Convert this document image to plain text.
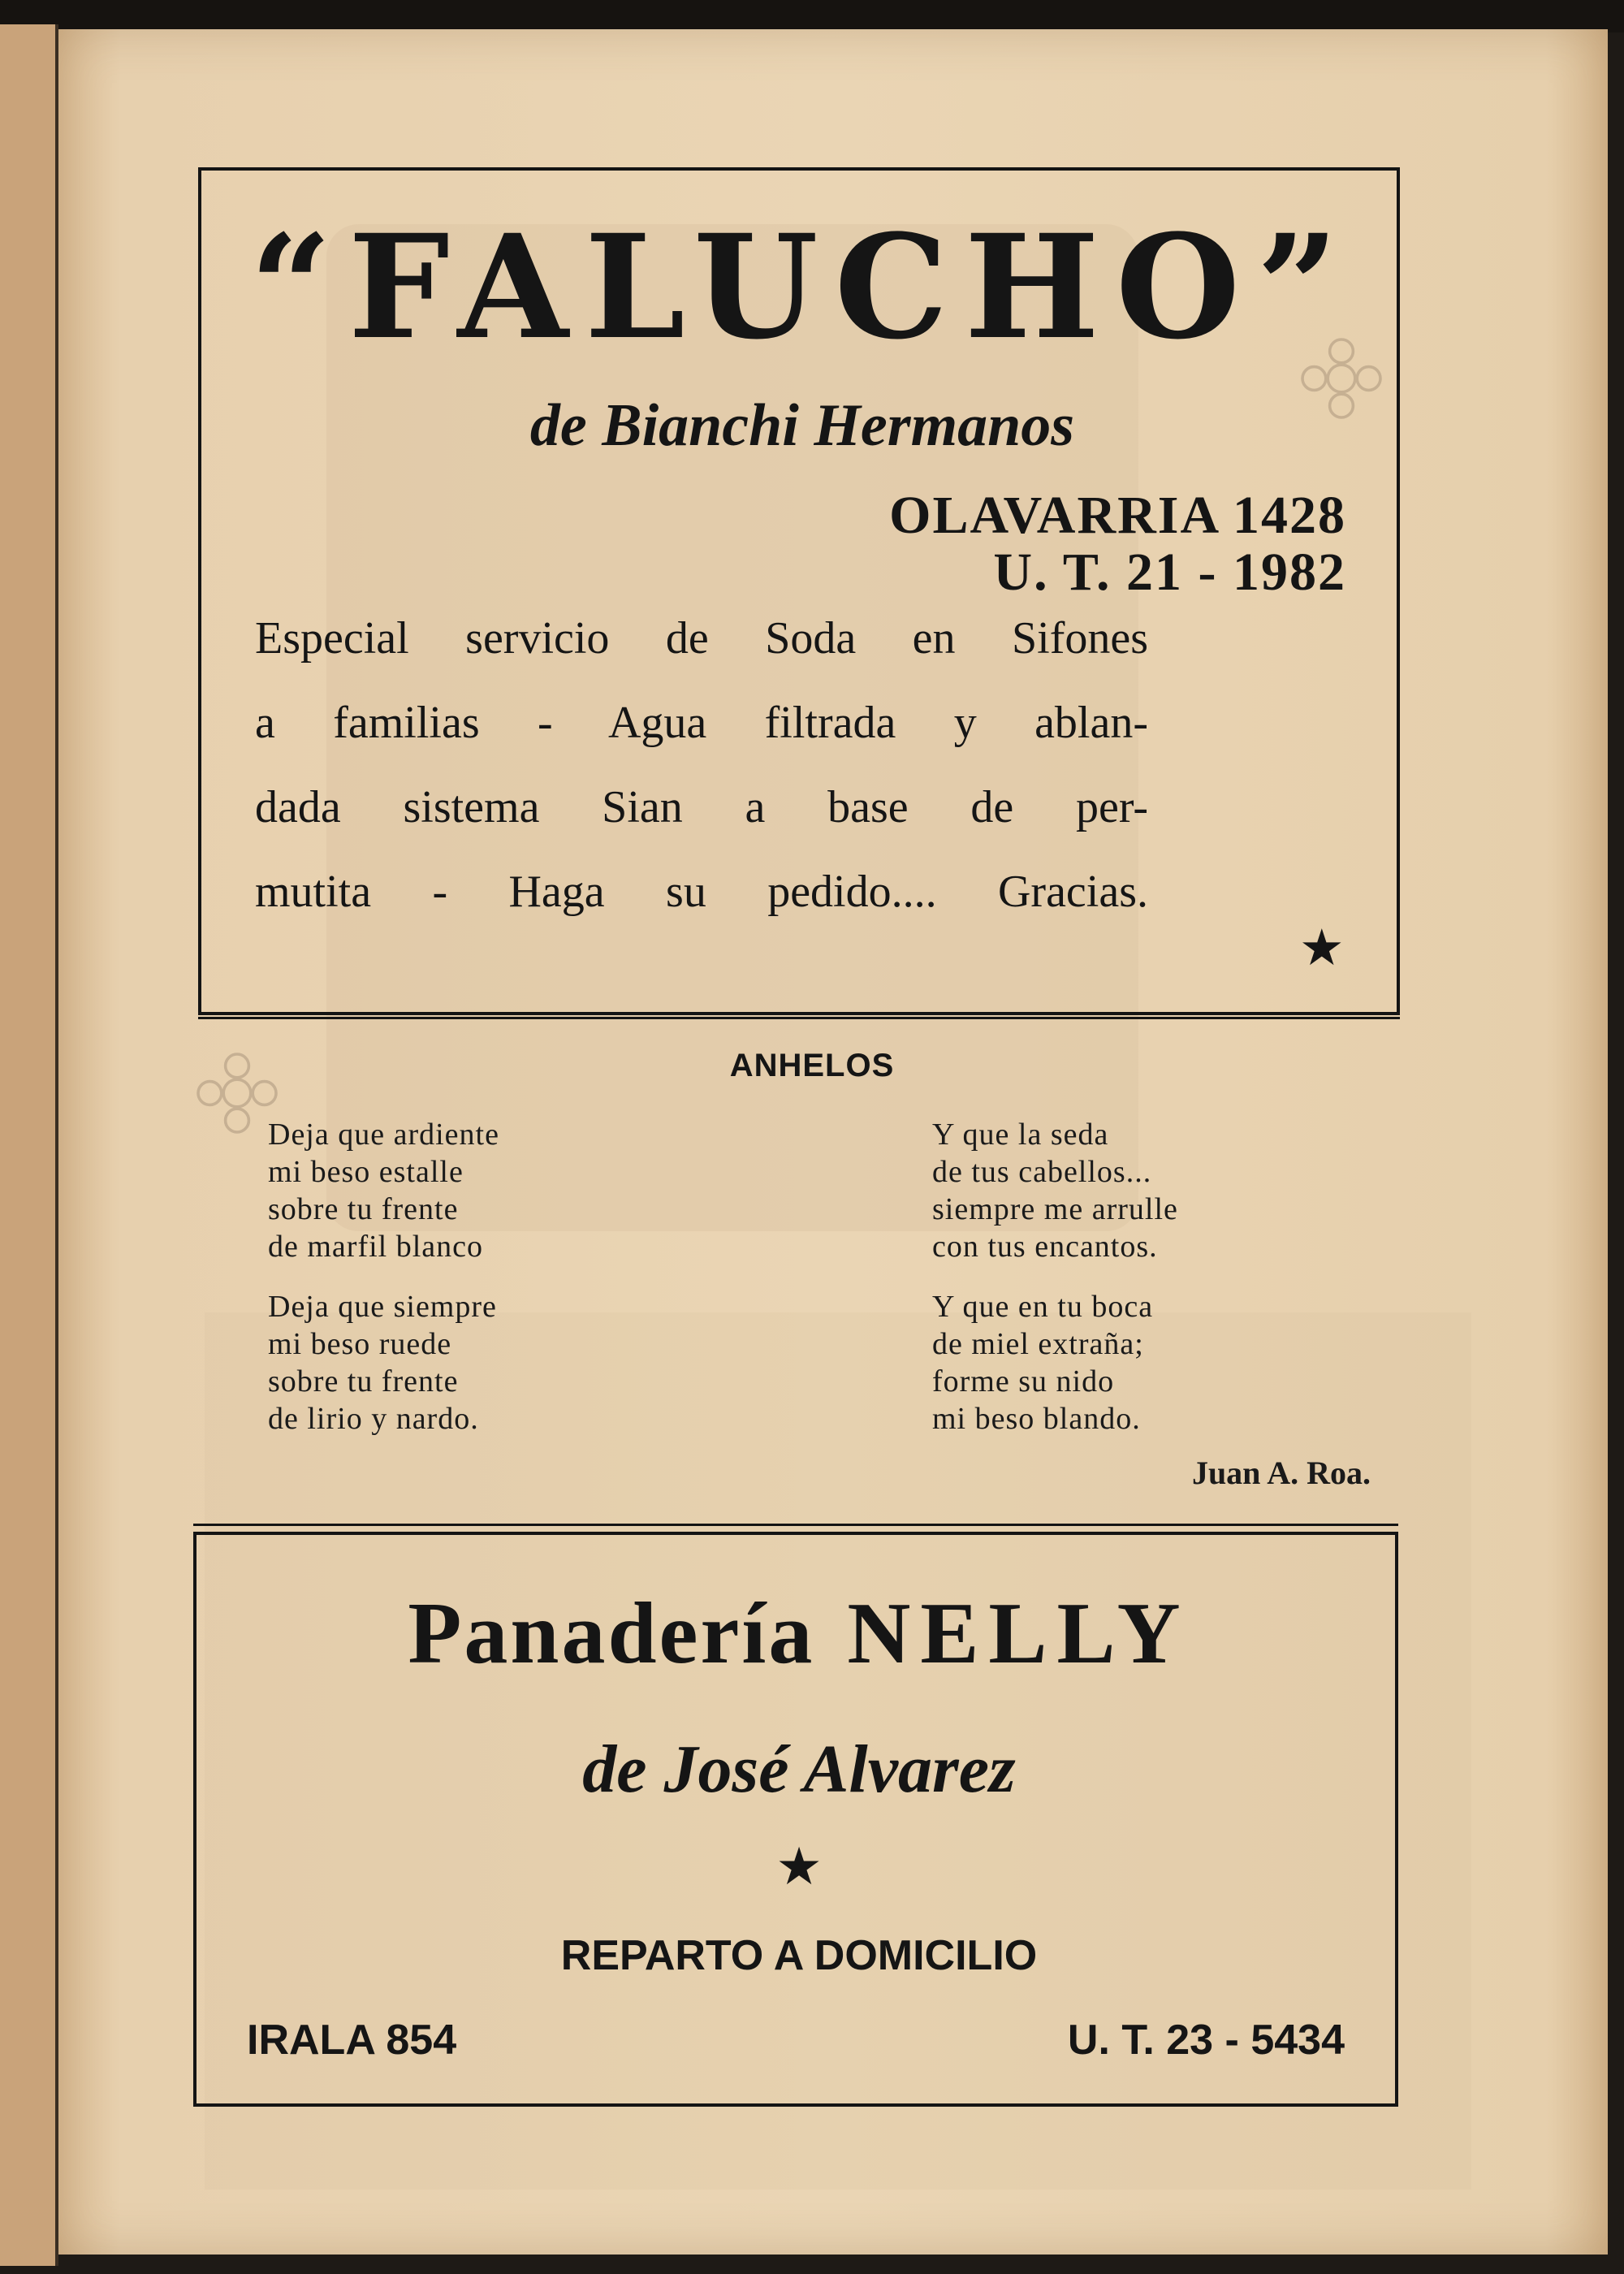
“FALUCHO”
de Bianchi Hermanos
OLAVARRIA 1428
U. T. 21 - 1982
Especial servicio de Soda en Sifones
a familias - Agua filtrada y ablan-
dada sistema Sian a base de per-
mutita - Haga su pedido.... Gracias.
★
ANHELOS
Deja que ardiente
mi beso estalle
sobre tu frente
de marfil blanco
Deja que siempre
mi beso ruede
sobre tu frente
de lirio y nardo.
Y que la seda
de tus cabellos...
siempre me arrulle
con tus encantos.
Y que en tu boca
de miel extraña;
forme su nido
mi beso blando.
Juan A. Roa.
Panadería NELLY
de José Alvarez
★
REPARTO A DOMICILIO
IRALA 854	U. T. 23 - 5434
